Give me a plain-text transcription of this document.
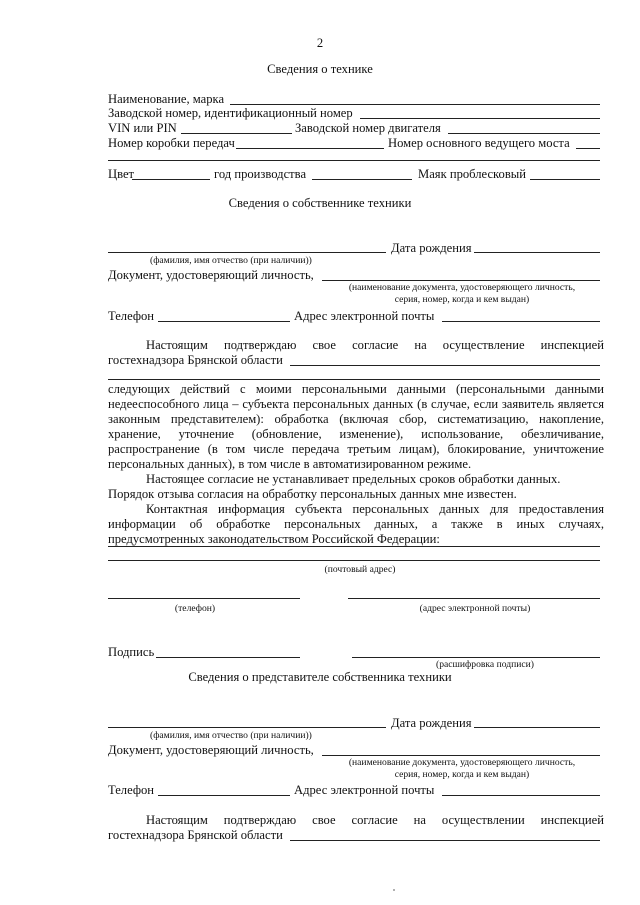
2
Сведения о технике
Наименование, марка
Заводской номер, идентификационный номер
VIN или PIN	Заводской номер двигателя
Номер коробки передач	Номер основного ведущего моста
Цвет	год производства	Маяк проблесковый
Сведения о собственнике техники
Дата рождения
(фамилия, имя отчество (при наличии))
Документ, удостоверяющий личность,
(наименование документа, удостоверяющего личность,
серия, номер, когда и кем выдан)
Телефон	Адрес электронной почты
Настоящим подтверждаю свое согласие на осуществление инспекцией
гостехнадзора Брянской области
следующих действий с моими персональными данными (персональными данными
недееспособного лица – субъекта персональных данных (в случае, если заявитель является
законным представителем): обработка (включая сбор, систематизацию, накопление,
хранение, уточнение (обновление, изменение), использование, обезличивание,
распространение (в том числе передача третьим лицам), блокирование, уничтожение
персональных данных), в том числе в автоматизированном режиме.
Настоящее согласие не устанавливает предельных сроков обработки данных.
Порядок отзыва согласия на обработку персональных данных мне известен.
Контактная информация субъекта персональных данных для предоставления
информации об обработке персональных данных, а также в иных случаях,
предусмотренных законодательством Российской Федерации:
(почтовый адрес)
(телефон)	(адрес электронной почты)
Подпись
(расшифровка подписи)
Сведения о представителе собственника техники
Дата рождения
(фамилия, имя отчество (при наличии))
Документ, удостоверяющий личность,
(наименование документа, удостоверяющего личность,
серия, номер, когда и кем выдан)
Телефон	Адрес электронной почты
Настоящим подтверждаю свое согласие на осуществлении инспекцией
гостехнадзора Брянской области
